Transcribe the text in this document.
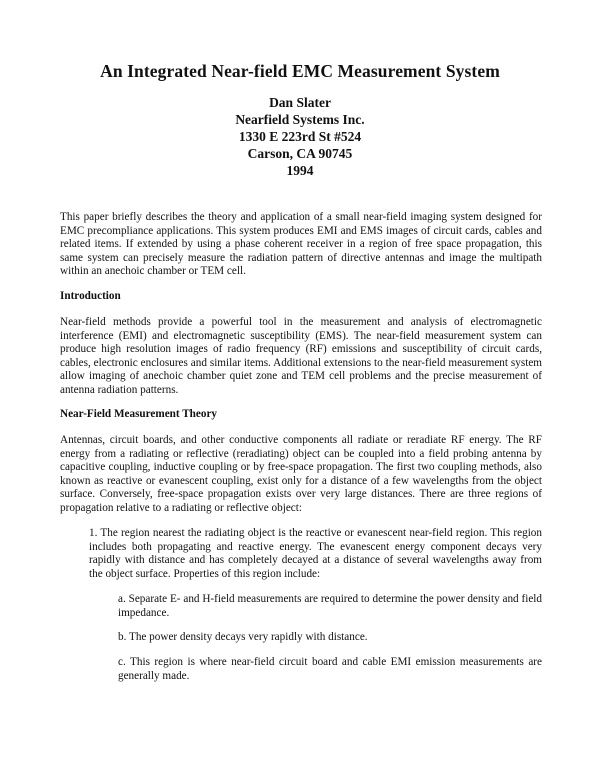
An Integrated Near-field EMC Measurement System
Dan Slater
Nearfield Systems Inc.
1330 E 223rd St #524
Carson, CA 90745
1994

This paper briefly describes the theory and application of a small near-field imaging system designed for EMC precompliance applications. This system produces EMI and EMS images of circuit cards, cables and related items. If extended by using a phase coherent receiver in a region of free space propagation, this same system can precisely measure the radiation pattern of directive antennas and image the multipath within an anechoic chamber or TEM cell.

Introduction

Near-field methods provide a powerful tool in the measurement and analysis of electromagnetic interference (EMI) and electromagnetic susceptibility (EMS). The near-field measurement system can produce high resolution images of radio frequency (RF) emissions and susceptibility of circuit cards, cables, electronic enclosures and similar items. Additional extensions to the near-field measurement system allow imaging of anechoic chamber quiet zone and TEM cell problems and the precise measurement of antenna radiation patterns.

Near-Field Measurement Theory

Antennas, circuit boards, and other conductive components all radiate or reradiate RF energy. The RF energy from a radiating or reflective (reradiating) object can be coupled into a field probing antenna by capacitive coupling, inductive coupling or by free-space propagation. The first two coupling methods, also known as reactive or evanescent coupling, exist only for a distance of a few wavelengths from the object surface. Conversely, free-space propagation exists over very large distances. There are three regions of propagation relative to a radiating or reflective object:

1. The region nearest the radiating object is the reactive or evanescent near-field region. This region includes both propagating and reactive energy. The evanescent energy component decays very rapidly with distance and has completely decayed at a distance of several wavelengths away from the object surface. Properties of this region include:

a. Separate E- and H-field measurements are required to determine the power density and field impedance.

b. The power density decays very rapidly with distance.

c. This region is where near-field circuit board and cable EMI emission measurements are generally made.
